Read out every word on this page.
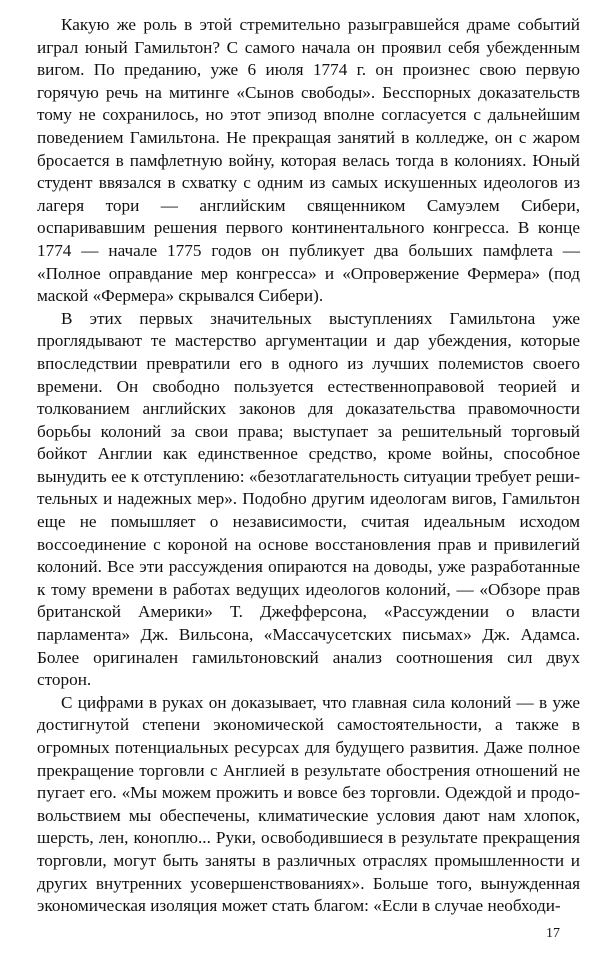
Какую же роль в этой стремительно разыгравшейся драме событий играл юный Гамильтон? С самого начала он проявил себя убежденным вигом. По преданию, уже 6 июля 1774 г. он произнес свою первую горячую речь на митинге «Сынов свободы». Бесспорных доказательств тому не сохранилось, но этот эпизод вполне согласуется с дальнейшим поведением Гамильтона. Не прекращая занятий в колледже, он с жаром бросается в памфлетную войну, которая велась тогда в колониях. Юный студент ввязался в схватку с одним из самых искушенных идеологов из лагеря тори — английским священником Самуэлем Сибери, оспаривавшим решения первого континентального конгресса. В конце 1774 — начале 1775 годов он публикует два больших памфлета — «Полное оправдание мер конгресса» и «Опровержение Фермера» (под маской «Фермера» скрывался Сибери).

В этих первых значительных выступлениях Гамильтона уже проглядывают те мастерство аргументации и дар убеждения, которые впоследствии превратили его в одного из лучших полемистов своего времени. Он свободно пользуется естественноправовой теорией и толкованием английских законов для доказательства правомочности борьбы колоний за свои права; выступает за решительный торговый бойкот Англии как единственное средство, кроме войны, способное вынудить ее к отступлению: «безотлагательность ситуации требует решительных и надежных мер». Подобно другим идеологам вигов, Гамильтон еще не помышляет о независимости, считая идеальным исходом воссоединение с короной на основе восстановления прав и привилегий колоний. Все эти рассуждения опираются на доводы, уже разработанные к тому времени в работах ведущих идеологов колоний, — «Обзоре прав британской Америки» Т. Джефферсона, «Рассуждении о власти парламента» Дж. Вильсона, «Массачусетских письмах» Дж. Адамса. Более оригинален гамильтоновский анализ соотношения сил двух сторон.

С цифрами в руках он доказывает, что главная сила колоний — в уже достигнутой степени экономической самостоятельности, а также в огромных потенциальных ресурсах для будущего развития. Даже полное прекращение торговли с Англией в результате обострения отношений не пугает его. «Мы можем прожить и вовсе без торговли. Одеждой и продовольствием мы обеспечены, климатические условия дают нам хлопок, шерсть, лен, коноплю... Руки, освободившиеся в результате прекращения торговли, могут быть заняты в различных отраслях промышленности и других внутренних усовершенствованиях». Больше того, вынужденная экономическая изоляция может стать благом: «Если в случае необходи-

17
